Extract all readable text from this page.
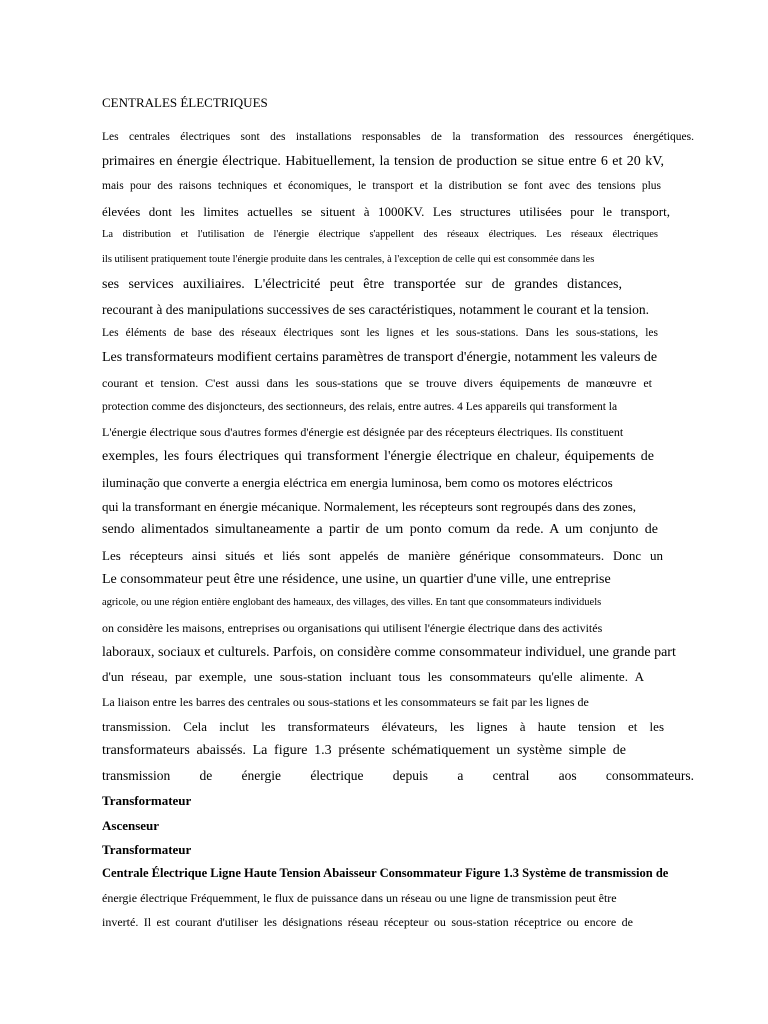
CENTRALES ÉLECTRIQUES
Les centrales électriques sont des installations responsables de la transformation des ressources énergétiques.
primaires en énergie électrique. Habituellement, la tension de production se situe entre 6 et 20 kV,
mais pour des raisons techniques et économiques, le transport et la distribution se font avec des tensions plus
élevées dont les limites actuelles se situent à 1000KV. Les structures utilisées pour le transport,
La distribution et l'utilisation de l'énergie électrique s'appellent des réseaux électriques. Les réseaux électriques
ils utilisent pratiquement toute l'énergie produite dans les centrales, à l'exception de celle qui est consommée dans les
ses services auxiliaires. L'électricité peut être transportée sur de grandes distances,
recourant à des manipulations successives de ses caractéristiques, notamment le courant et la tension.
Les éléments de base des réseaux électriques sont les lignes et les sous-stations. Dans les sous-stations, les
Les transformateurs modifient certains paramètres de transport d'énergie, notamment les valeurs de
courant et tension. C'est aussi dans les sous-stations que se trouve divers équipements de manœuvre et
protection comme des disjoncteurs, des sectionneurs, des relais, entre autres. 4 Les appareils qui transforment la
L'énergie électrique sous d'autres formes d'énergie est désignée par des récepteurs électriques. Ils constituent
exemples, les fours électriques qui transforment l'énergie électrique en chaleur, équipements de
iluminação que converte a energia eléctrica em energia luminosa, bem como os motores eléctricos
qui la transformant en énergie mécanique. Normalement, les récepteurs sont regroupés dans des zones,
sendo alimentados simultaneamente a partir de um ponto comum da rede. A um conjunto de
Les récepteurs ainsi situés et liés sont appelés de manière générique consommateurs. Donc un
Le consommateur peut être une résidence, une usine, un quartier d'une ville, une entreprise
agricole, ou une région entière englobant des hameaux, des villages, des villes. En tant que consommateurs individuels
on considère les maisons, entreprises ou organisations qui utilisent l'énergie électrique dans des activités
laboraux, sociaux et culturels. Parfois, on considère comme consommateur individuel, une grande part
d'un réseau, par exemple, une sous-station incluant tous les consommateurs qu'elle alimente. A
La liaison entre les barres des centrales ou sous-stations et les consommateurs se fait par les lignes de
transmission. Cela inclut les transformateurs élévateurs, les lignes à haute tension et les
transformateurs abaissés. La figure 1.3 présente schématiquement un système simple de
transmission de énergie électrique depuis a central aos consommateurs.
Transformateur
Ascenseur
Transformateur
Centrale Électrique Ligne Haute Tension Abaisseur Consommateur Figure 1.3 Système de transmission de
énergie électrique Fréquemment, le flux de puissance dans un réseau ou une ligne de transmission peut être
inverté. Il est courant d'utiliser les désignations réseau récepteur ou sous-station réceptrice ou encore de
